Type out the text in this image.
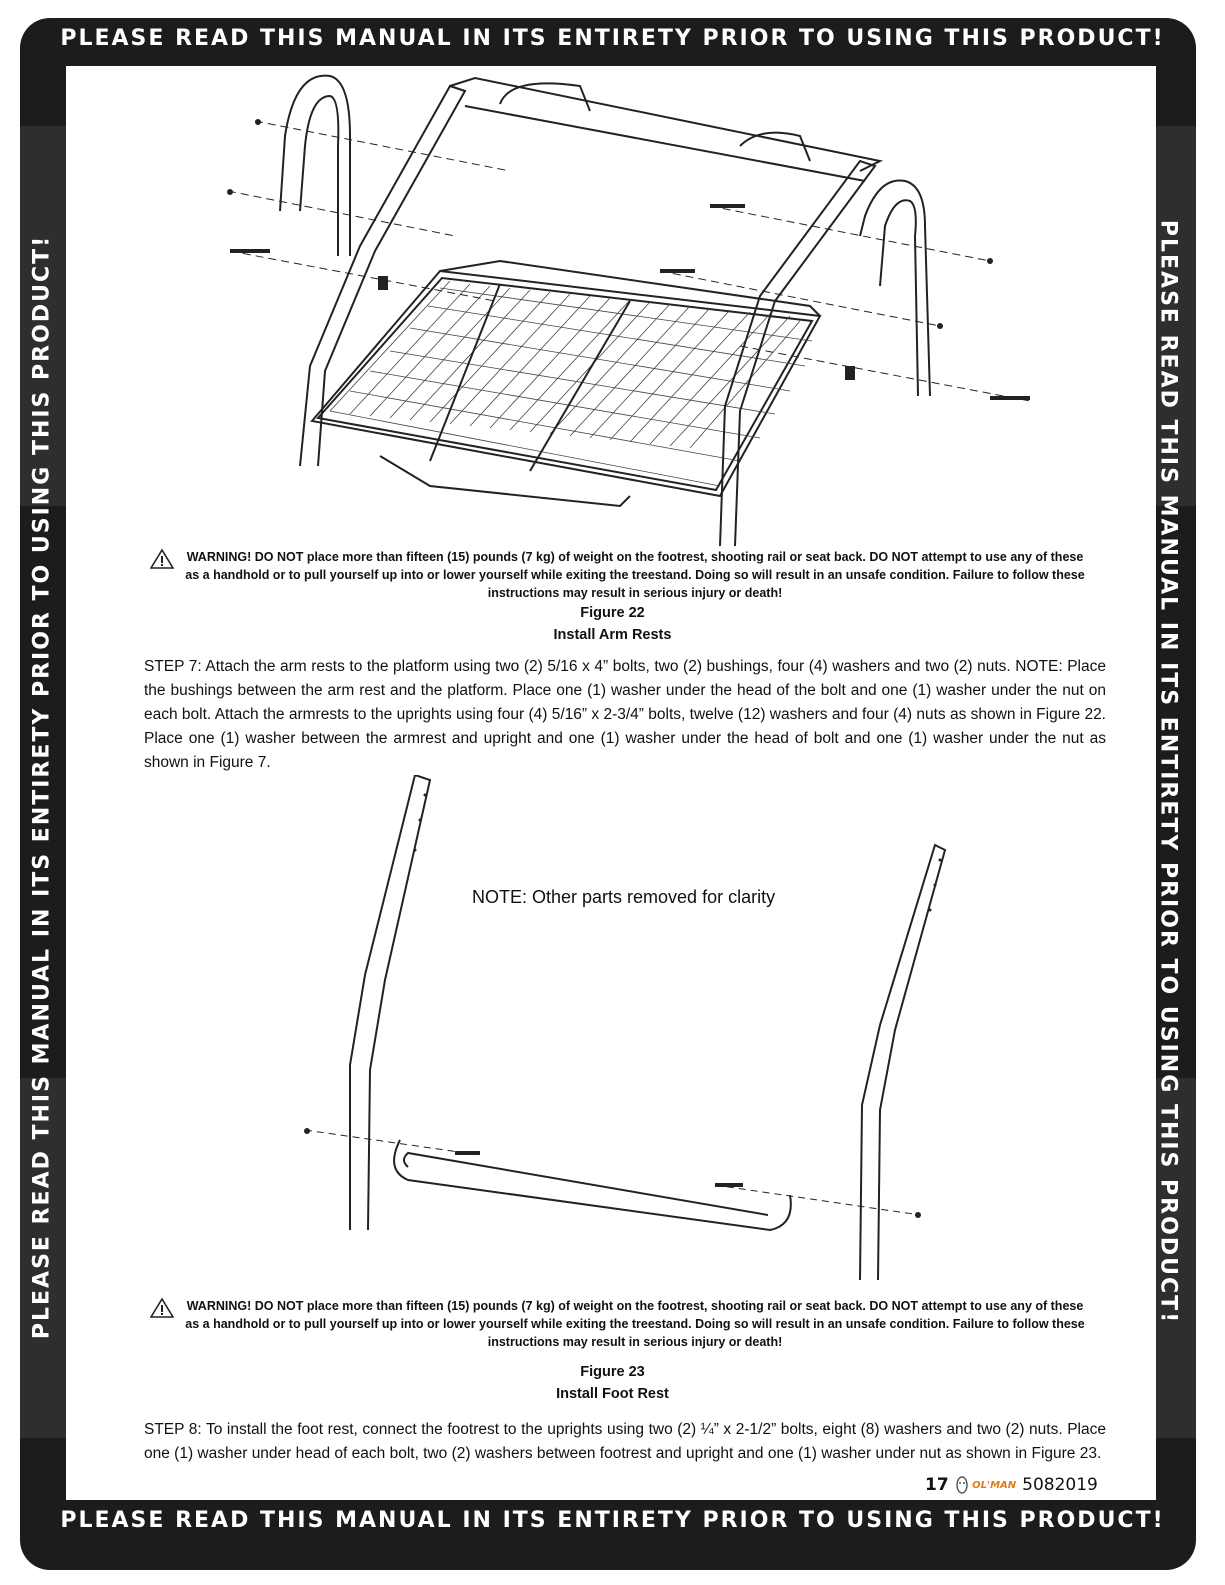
PLEASE READ THIS MANUAL IN ITS ENTIRETY PRIOR TO USING THIS PRODUCT!
PLEASE READ THIS MANUAL IN ITS ENTIRETY PRIOR TO USING THIS PRODUCT!
PLEASE READ THIS MANUAL IN ITS ENTIRETY PRIOR TO USING THIS PRODUCT!	PLEASE READ THIS MANUAL IN ITS ENTIRETY PRIOR TO USING THIS PRODUCT!

WARNING! DO NOT place more than fifteen (15) pounds (7 kg) of weight on the footrest, shooting rail or seat back. DO NOT attempt to use any of these as a handhold or to pull yourself up into or lower yourself while exiting the treestand. Doing so will result in an unsafe condition. Failure to follow these instructions may result in serious injury or death!

Figure 22
Install Arm Rests

STEP 7: Attach the arm rests to the platform using two (2) 5/16 x 4” bolts, two (2) bushings, four (4) washers and two (2) nuts. NOTE: Place the bushings between the arm rest and the platform. Place one (1) washer under the head of the bolt and one (1) washer under the nut on each bolt. Attach the armrests to the uprights using four (4) 5/16” x 2-3/4” bolts, twelve (12) washers and four (4) nuts as shown in Figure 22. Place one (1) washer between the armrest and upright and one (1) washer under the head of bolt and one (1) washer under the nut as shown in Figure 7.

NOTE: Other parts removed for clarity

WARNING! DO NOT place more than fifteen (15) pounds (7 kg) of weight on the footrest, shooting rail or seat back. DO NOT attempt to use any of these as a handhold or to pull yourself up into or lower yourself while exiting the treestand. Doing so will result in an unsafe condition. Failure to follow these instructions may result in serious injury or death!

Figure 23
Install Foot Rest

STEP 8: To install the foot rest, connect the footrest to the uprights using two (2) ¼” x 2-1/2” bolts, eight (8) washers and two (2) nuts. Place one (1) washer under head of each bolt, two (2) washers between footrest and upright and one (1) washer under nut as shown in Figure 23.

17	OL'MAN 5082019
